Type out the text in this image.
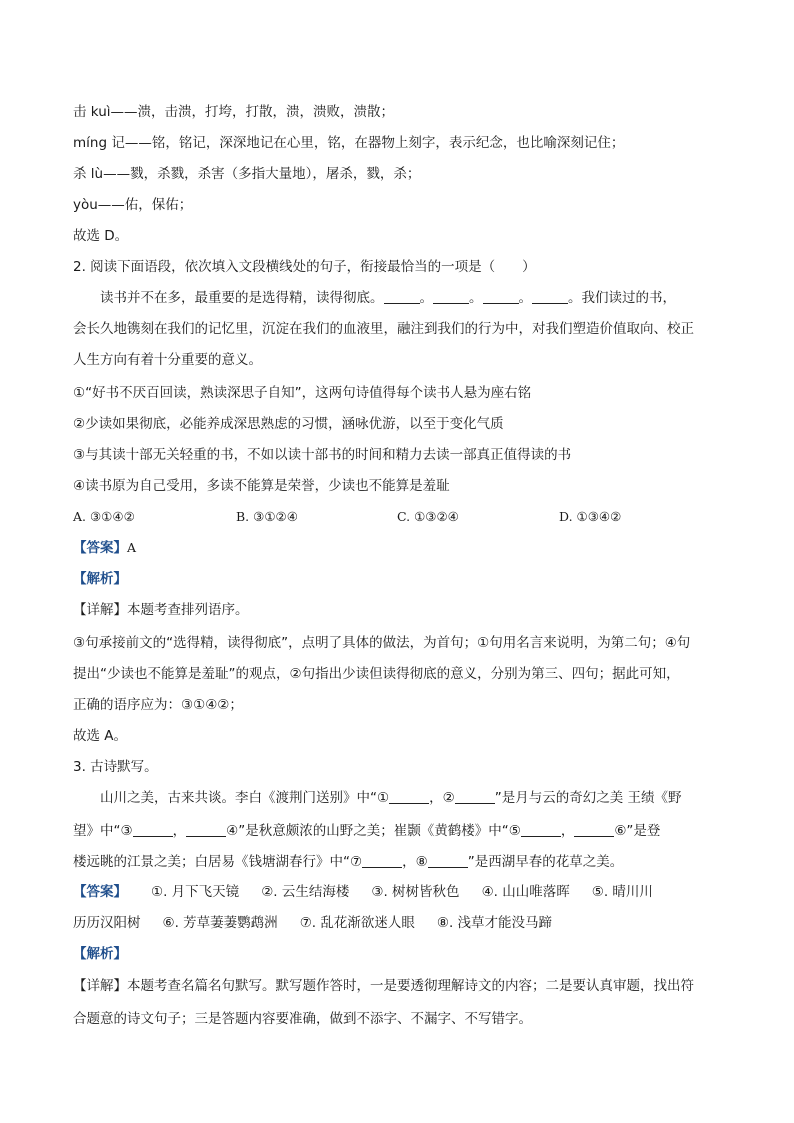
击 kuì——溃，击溃，打垮，打散，溃，溃败，溃散；
míng 记——铭，铭记，深深地记在心里，铭，在器物上刻字，表示纪念，也比喻深刻记住；
杀 lù——戮，杀戮，杀害（多指大量地），屠杀，戮，杀；
yòu——佑，保佑；
故选 D。
2. 阅读下面语段，依次填入文段横线处的句子，衔接最恰当的一项是（　　）
读书并不在多，最重要的是选得精，读得彻底。	。	。	。	。我们读过的书，
会长久地镌刻在我们的记忆里，沉淀在我们的血液里，融注到我们的行为中，对我们塑造价值取向、校正
人生方向有着十分重要的意义。
①“好书不厌百回读，熟读深思子自知”，这两句诗值得每个读书人悬为座右铭
②少读如果彻底，必能养成深思熟虑的习惯，涵咏优游，以至于变化气质
③与其读十部无关轻重的书，不如以读十部书的时间和精力去读一部真正值得读的书
④读书原为自己受用，多读不能算是荣誉，少读也不能算是羞耻
A. ③①④②	B. ③①②④	C. ①③②④	D. ①③④②
【答案】A
【解析】
【详解】本题考查排列语序。
③句承接前文的“选得精，读得彻底”，点明了具体的做法，为首句；①句用名言来说明，为第二句；④句
提出“少读也不能算是羞耻”的观点，②句指出少读但读得彻底的意义，分别为第三、四句；据此可知，
正确的语序应为：③①④②；
故选 A。
3. 古诗默写。
山川之美，古来共谈。李白《渡荆门送别》中“①	，②	”是月与云的奇幻之美 王绩《野
望》中“③	，	④”是秋意颇浓的山野之美；崔颢《黄鹤楼》中“⑤	，	⑥”是登
楼远眺的江景之美；白居易《钱塘湖春行》中“⑦	，⑧	”是西湖早春的花草之美。
【答案】 ①. 月下飞天镜 ②. 云生结海楼 ③. 树树皆秋色 ④. 山山唯落晖 ⑤. 晴川川
历历汉阳树 ⑥. 芳草萋萋鹦鹉洲 ⑦. 乱花渐欲迷人眼 ⑧. 浅草才能没马蹄
【解析】
【详解】本题考查名篇名句默写。默写题作答时，一是要透彻理解诗文的内容；二是要认真审题，找出符
合题意的诗文句子；三是答题内容要准确，做到不添字、不漏字、不写错字。
